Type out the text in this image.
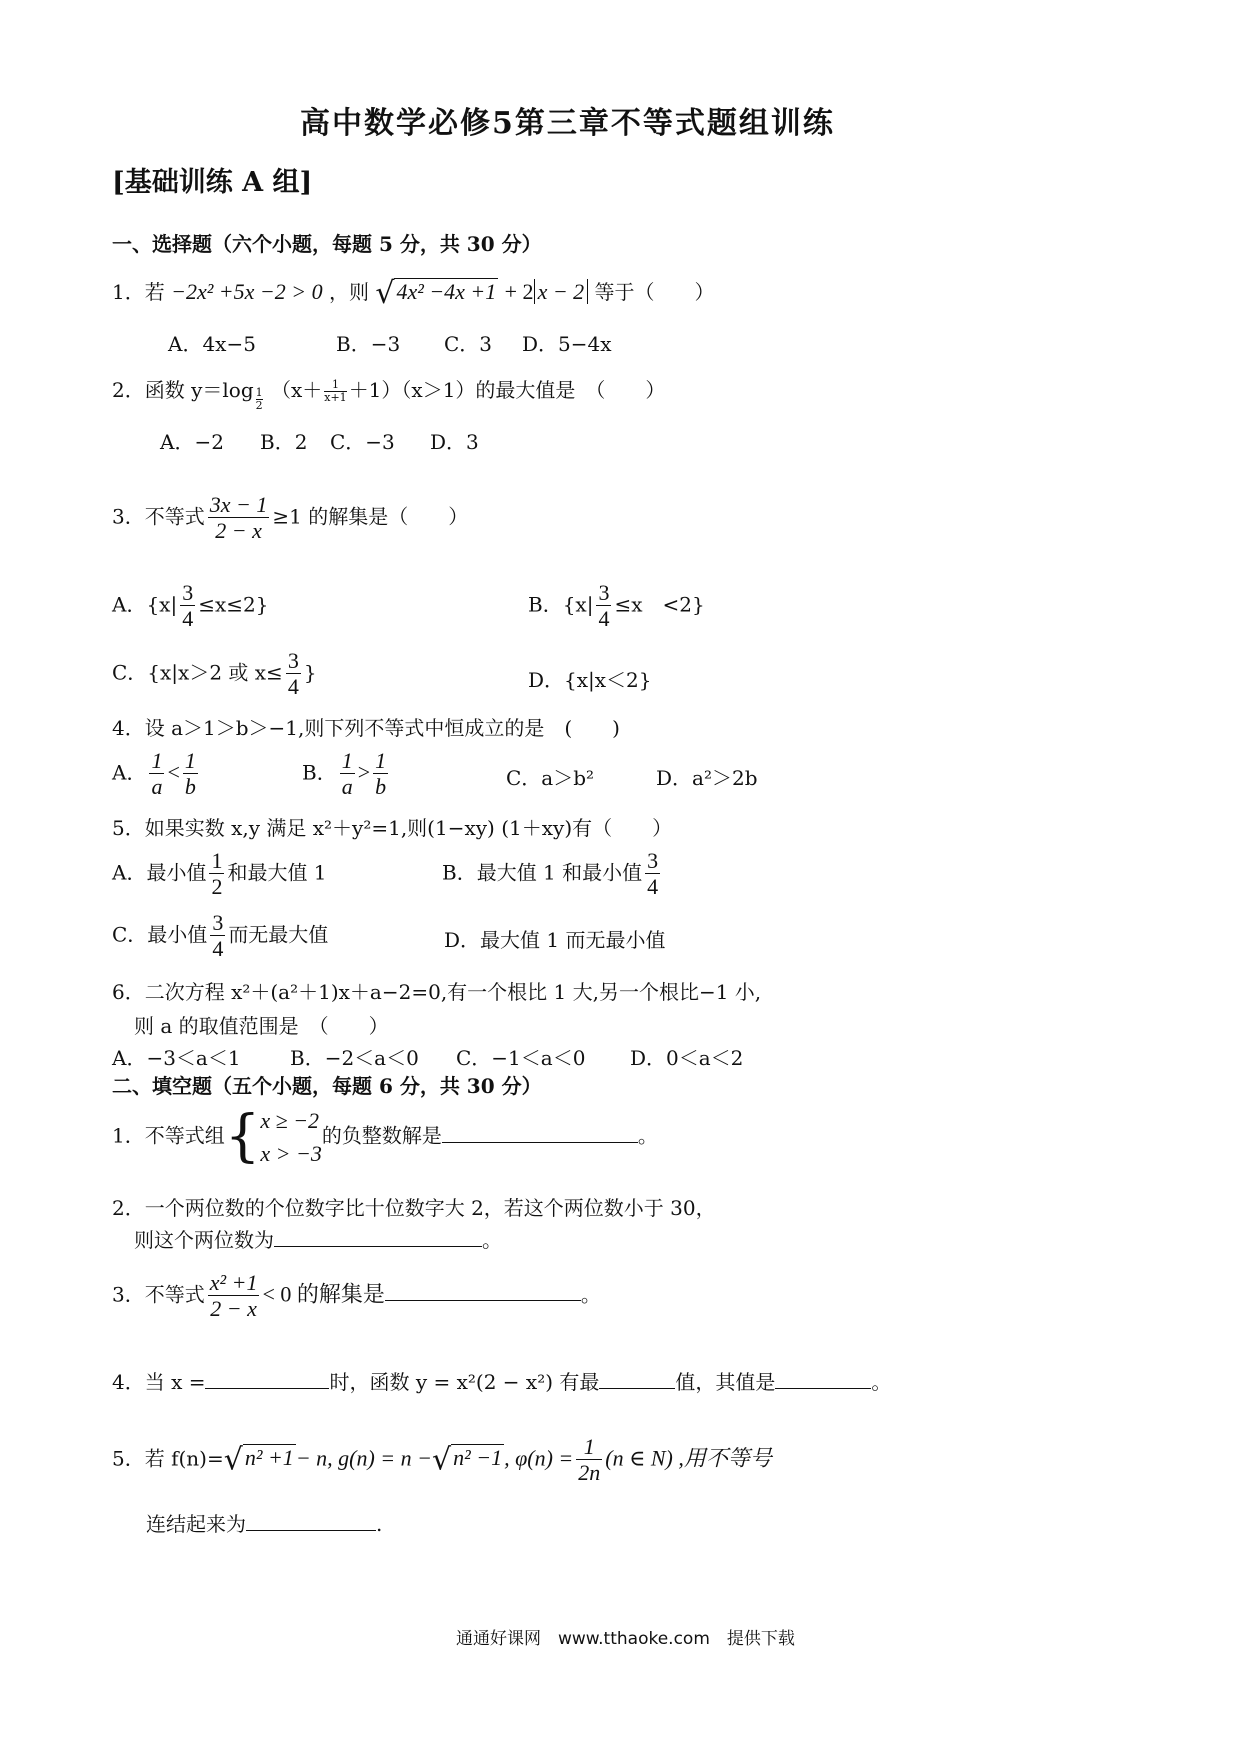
高中数学必修5第三章不等式题组训练
[基础训练 A 组]
一、选择题（六个小题，每题 5 分，共 30 分）
1．若 −2x² +5x −2 > 0 ，则 √4x² −4x +1 + 2 x − 2 等于（　　）
A．4x−5	B．−3 C．3 D．5−4x
2．函数 $y=\log \frac{1}{2} (x+ \frac{1}{x+1} +1)(x>1)$的最大值是　（　　）
A．−2 B．2 C．−3 D．3
3．不等式 $\frac{3x - 1}{2 - x} \ge 1$ 的解集是（　　）
A．$\{x| \frac{3}{4} \le x\le 2\}$	B．{$x| \frac{3}{4} \le x$　<2}
C．{x|x＞2 或 $x\le \frac{3}{4}$ }	D．{x|x＜2}
4．设 a＞1＞b＞−1,则下列不等式中恒成立的是　(　　)
A． $\frac{1}{a} < \frac{1}{b}$	B． $\frac{1}{a} > \frac{1}{b}$	C．a＞b²	D．a²＞2b
5．如果实数 x,y 满足 x²＋y²=1,则(1−xy) (1＋xy)有（　　）
A．最小值 $\frac{1}{2}$ 和最大值 1	B．最大值 1 和最小值 $\frac{3}{4}$
C．最小值 $\frac{3}{4}$ 而无最大值	D．最大值 1 而无最小值
6．二次方程 x²＋(a²＋1)x＋a−2=0,有一个根比 1 大,另一个根比−1 小,
则 a 的取值范围是　（　　）
A．−3＜a＜1 B．−2＜a＜0 C．−1＜a＜0 D．0＜a＜2
二、填空题（五个小题，每题 6 分，共 30 分）
1．不等式组{ x ≥ −2
x > −3
的负整数解是	。
2．一个两位数的个位数字比十位数字大 2，若这个两位数小于 30，
则这个两位数为	。
3．不等式 $\frac{\text{x² +1}}{2 - x} < 0$ 的解集是	。
4．当 x =	时，函数 y = x²(2 − x²) 有最	值，其值是	。
5．若 f(n)=√n² +1− n, g(n) = n −√n² −1, $\varphi(n) = \frac{1}{2n} (n$ ∈ N) ,用不等号
连结起来为	.
通通好课网　www.tthaoke.com　提供下载
